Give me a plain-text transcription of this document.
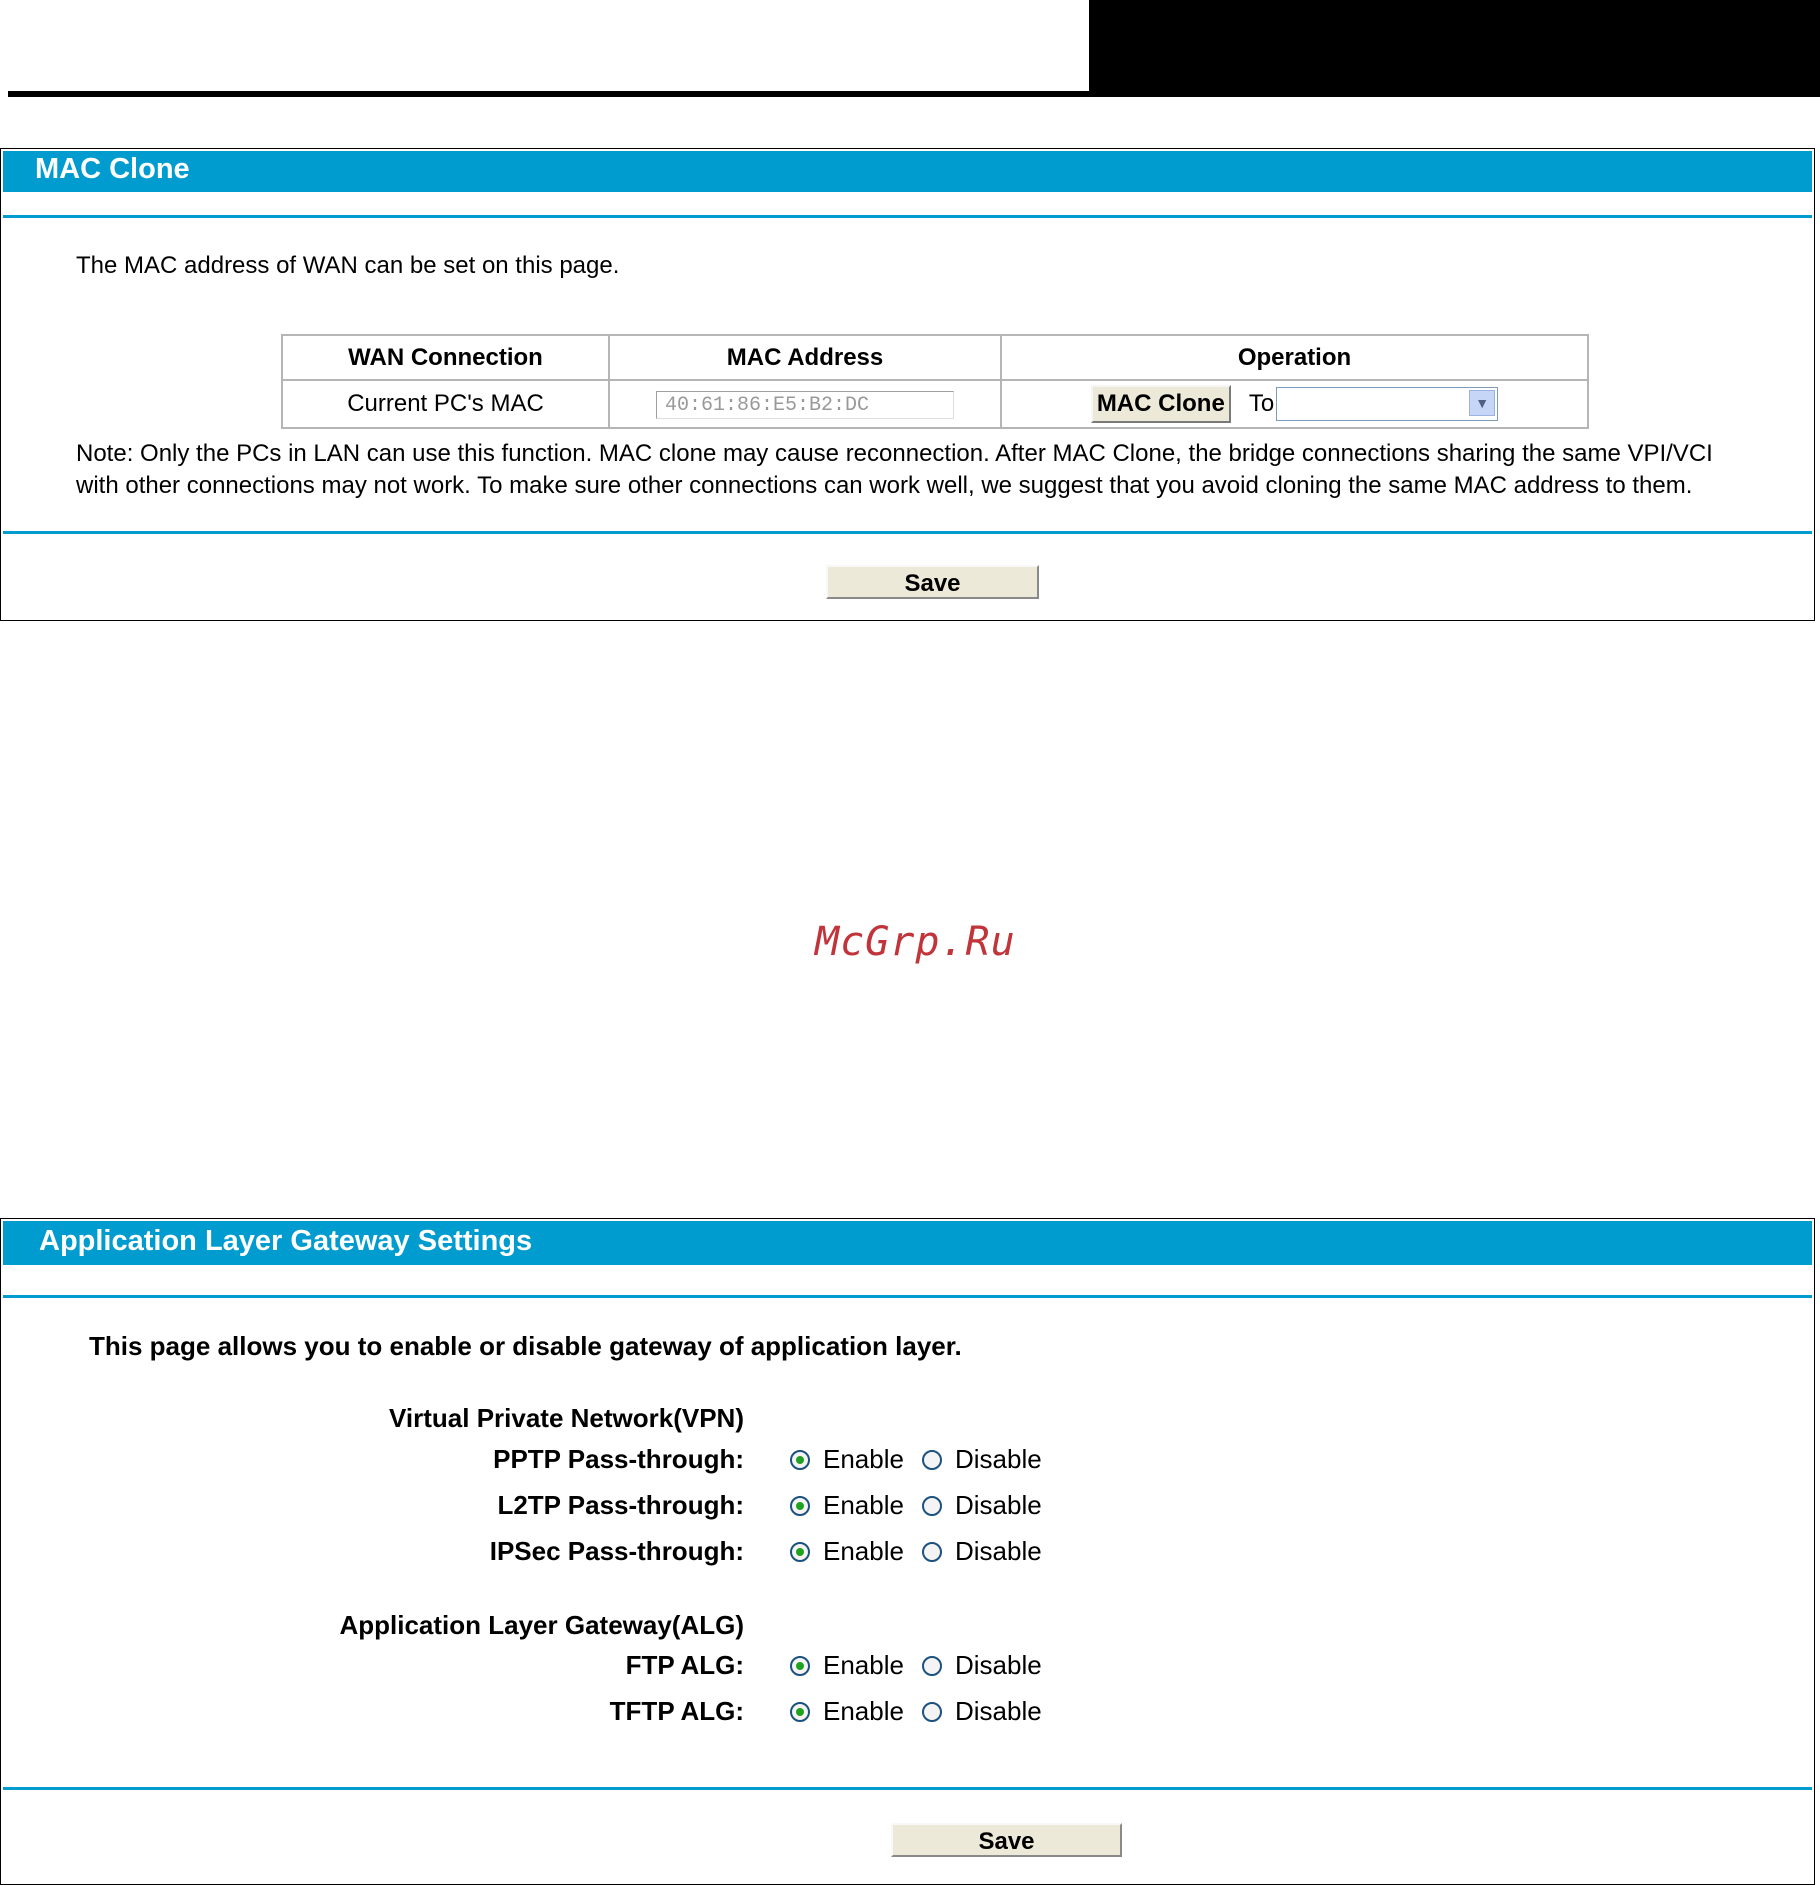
MAC Clone
The MAC address of WAN can be set on this page.
WAN Connection	MAC Address	Operation
Current PC's MAC	40:61:86:E5:B2:DC	MAC Clone To ▼
Note: Only the PCs in LAN can use this function. MAC clone may cause reconnection. After MAC Clone, the bridge connections sharing the same VPI/VCI
with other connections may not work. To make sure other connections can work well, we suggest that you avoid cloning the same MAC address to them.
Save
McGrp.Ru
Application Layer Gateway Settings
This page allows you to enable or disable gateway of application layer.
Virtual Private Network(VPN)
PPTP Pass-through:	Enable Disable
L2TP Pass-through:	Enable Disable
IPSec Pass-through:	Enable Disable
Application Layer Gateway(ALG)
FTP ALG:	Enable Disable
TFTP ALG:	Enable Disable
Save
